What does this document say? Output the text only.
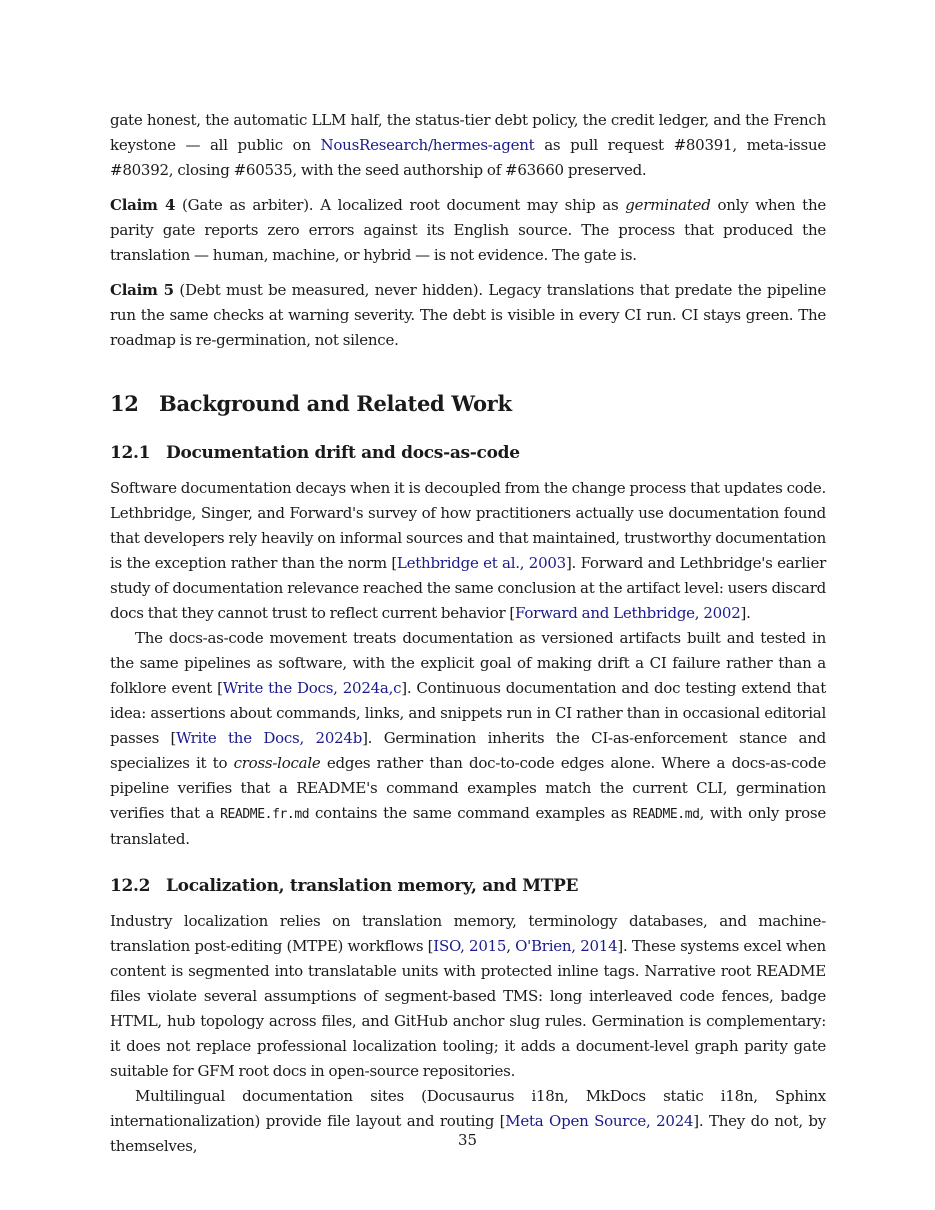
gate honest, the automatic LLM half, the status-tier debt policy, the credit ledger, and the French keystone — all public on NousResearch/hermes-agent as pull request #80391, meta-issue #80392, closing #60535, with the seed authorship of #63660 preserved.

Claim 4 (Gate as arbiter). A localized root document may ship as germinated only when the parity gate reports zero errors against its English source. The process that produced the translation — human, machine, or hybrid — is not evidence. The gate is.

Claim 5 (Debt must be measured, never hidden). Legacy translations that predate the pipeline run the same checks at warning severity. The debt is visible in every CI run. CI stays green. The roadmap is re-germination, not silence.

12 Background and Related Work
12.1 Documentation drift and docs-as-code

Software documentation decays when it is decoupled from the change process that updates code. Lethbridge, Singer, and Forward's survey of how practitioners actually use documentation found that developers rely heavily on informal sources and that maintained, trustworthy documentation is the exception rather than the norm [Lethbridge et al., 2003]. Forward and Lethbridge's earlier study of documentation relevance reached the same conclusion at the artifact level: users discard docs that they cannot trust to reflect current behavior [Forward and Lethbridge, 2002].

The docs-as-code movement treats documentation as versioned artifacts built and tested in the same pipelines as software, with the explicit goal of making drift a CI failure rather than a folklore event [Write the Docs, 2024a,c]. Continuous documentation and doc testing extend that idea: assertions about commands, links, and snippets run in CI rather than in occasional editorial passes [Write the Docs, 2024b]. Germination inherits the CI-as-enforcement stance and specializes it to cross-locale edges rather than doc-to-code edges alone. Where a docs-as-code pipeline verifies that a README's command examples match the current CLI, germination verifies that a README.fr.md contains the same command examples as README.md, with only prose translated.

12.2 Localization, translation memory, and MTPE

Industry localization relies on translation memory, terminology databases, and machine-translation post-editing (MTPE) workflows [ISO, 2015, O'Brien, 2014]. These systems excel when content is segmented into translatable units with protected inline tags. Narrative root README files violate several assumptions of segment-based TMS: long interleaved code fences, badge HTML, hub topology across files, and GitHub anchor slug rules. Germination is complementary: it does not replace professional localization tooling; it adds a document-level graph parity gate suitable for GFM root docs in open-source repositories.

Multilingual documentation sites (Docusaurus i18n, MkDocs static i18n, Sphinx internationalization) provide file layout and routing [Meta Open Source, 2024]. They do not, by themselves,	35
